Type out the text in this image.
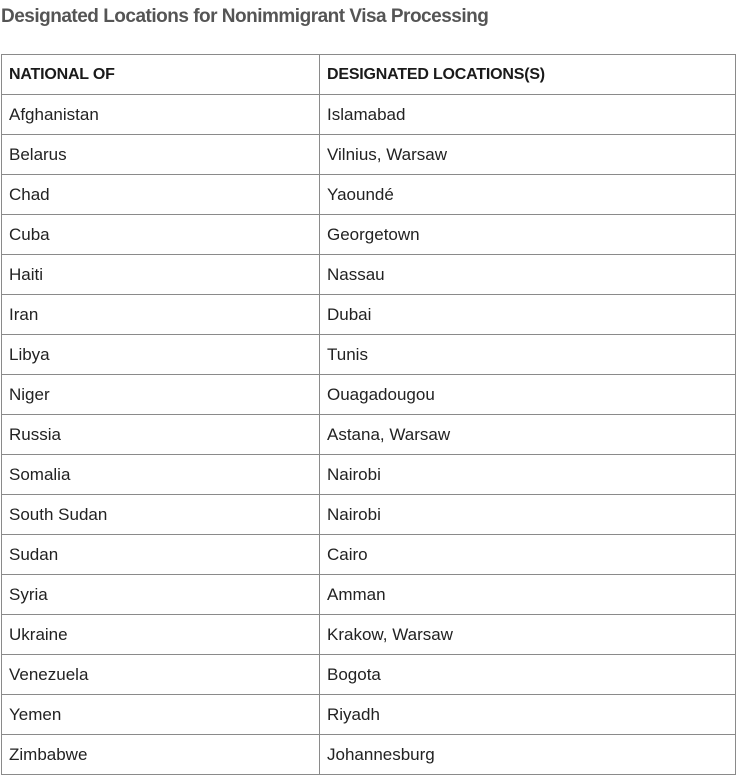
Designated Locations for Nonimmigrant Visa Processing
NATIONAL OF	DESIGNATED LOCATIONS(S)
Afghanistan	Islamabad
Belarus	Vilnius, Warsaw
Chad	Yaoundé
Cuba	Georgetown
Haiti	Nassau
Iran	Dubai
Libya	Tunis
Niger	Ouagadougou
Russia	Astana, Warsaw
Somalia	Nairobi
South Sudan	Nairobi
Sudan	Cairo
Syria	Amman
Ukraine	Krakow, Warsaw
Venezuela	Bogota
Yemen	Riyadh
Zimbabwe	Johannesburg
